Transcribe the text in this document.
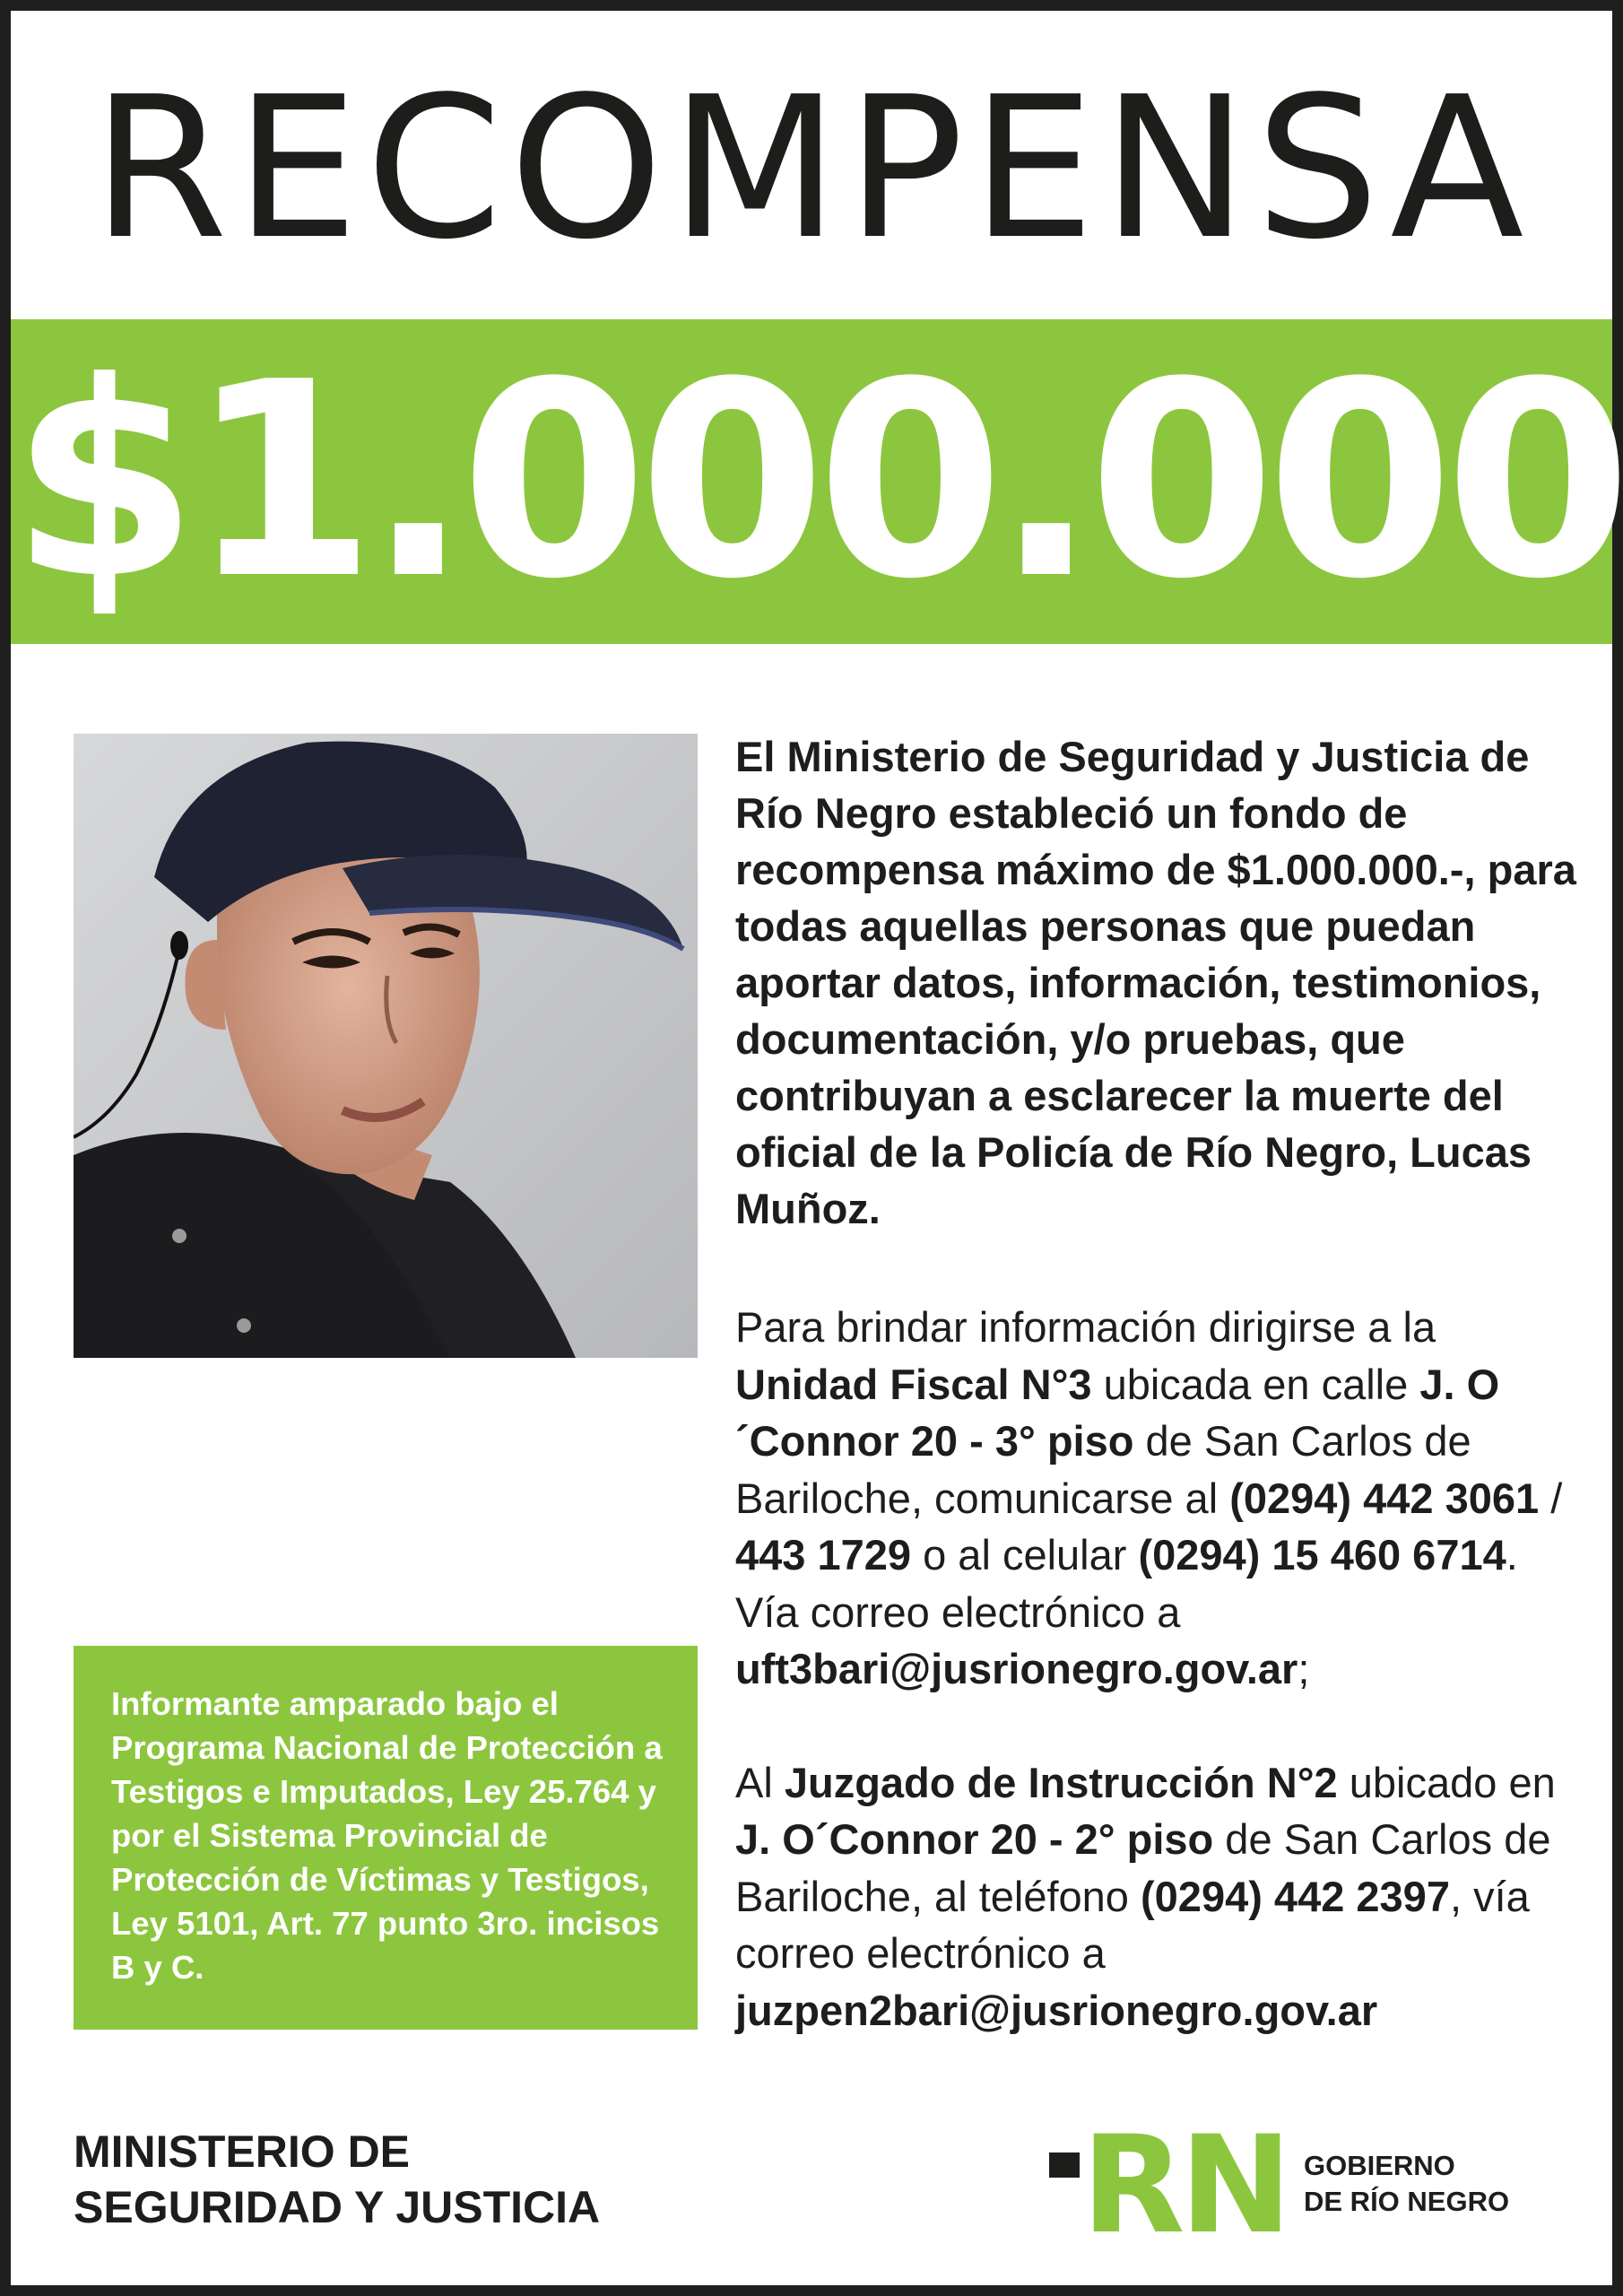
RECOMPENSA
$1.000.000
El Ministerio de Seguridad y Justicia de Río Negro estableció un fondo de recompensa máximo de $1.000.000.-, para todas aquellas personas que puedan aportar datos, información, testimonios, documentación, y/o pruebas, que contribuyan a esclarecer la muerte del oficial de la Policía de Río Negro, Lucas Muñoz.

Para brindar información dirigirse a la Unidad Fiscal N°3 ubicada en calle J. O´Connor 20 - 3° piso de San Carlos de Bariloche, comunicarse al (0294) 442 3061 / 443 1729 o al celular (0294) 15 460 6714. Vía correo electrónico a uft3bari@jusrionegro.gov.ar;

Al Juzgado de Instrucción N°2 ubicado en J. O´Connor 20 - 2° piso de San Carlos de Bariloche, al teléfono (0294) 442 2397, vía correo electrónico a juzpen2bari@jusrionegro.gov.ar

Informante amparado bajo el Programa Nacional de Protección a Testigos e Imputados, Ley 25.764 y por el Sistema Provincial de Protección de Víctimas y Testigos, Ley 5101, Art. 77 punto 3ro. incisos B y C.
MINISTERIO DE
SEGURIDAD Y JUSTICIA	RN GOBIERNO
DE RÍO NEGRO
